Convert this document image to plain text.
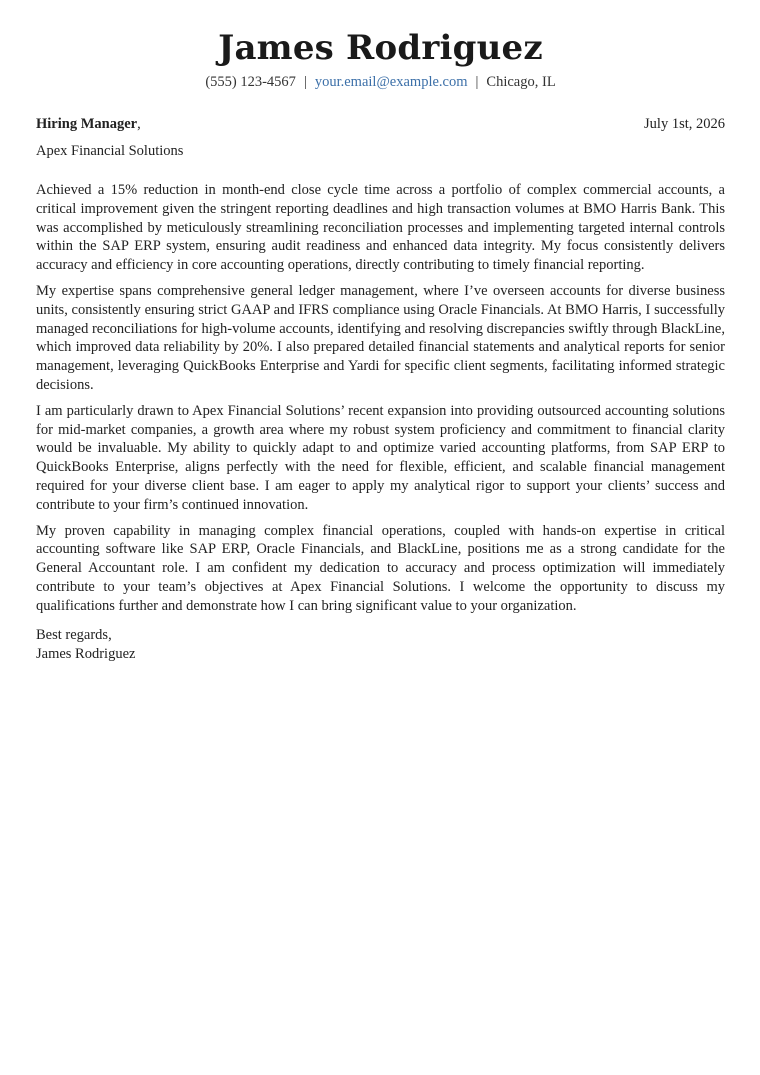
James Rodriguez
(555) 123-4567 | your.email@example.com | Chicago, IL
Hiring Manager,	July 1st, 2026
Apex Financial Solutions

Achieved a 15% reduction in month-end close cycle time across a portfolio of complex commercial accounts, a critical improvement given the stringent reporting deadlines and high transaction volumes at BMO Harris Bank. This was accomplished by meticulously streamlining reconciliation processes and implementing targeted internal controls within the SAP ERP system, ensuring audit readiness and enhanced data integrity. My focus consistently delivers accuracy and efficiency in core accounting operations, directly contributing to timely financial reporting.

My expertise spans comprehensive general ledger management, where I’ve overseen accounts for diverse business units, consistently ensuring strict GAAP and IFRS compliance using Oracle Financials. At BMO Harris, I successfully managed reconciliations for high-volume accounts, identifying and resolving discrepancies swiftly through BlackLine, which improved data reliability by 20%. I also prepared detailed financial statements and analytical reports for senior management, leveraging QuickBooks Enterprise and Yardi for specific client segments, facilitating informed strategic decisions.

I am particularly drawn to Apex Financial Solutions’ recent expansion into providing outsourced accounting solutions for mid-market companies, a growth area where my robust system proficiency and commitment to financial clarity would be invaluable. My ability to quickly adapt to and optimize varied accounting platforms, from SAP ERP to QuickBooks Enterprise, aligns perfectly with the need for flexible, efficient, and scalable financial management required for your diverse client base. I am eager to apply my analytical rigor to support your clients’ success and contribute to your firm’s continued innovation.

My proven capability in managing complex financial operations, coupled with hands-on expertise in critical accounting software like SAP ERP, Oracle Financials, and BlackLine, positions me as a strong candidate for the General Accountant role. I am confident my dedication to accuracy and process optimization will immediately contribute to your team’s objectives at Apex Financial Solutions. I welcome the opportunity to discuss my qualifications further and demonstrate how I can bring significant value to your organization.

Best regards,
James Rodriguez
